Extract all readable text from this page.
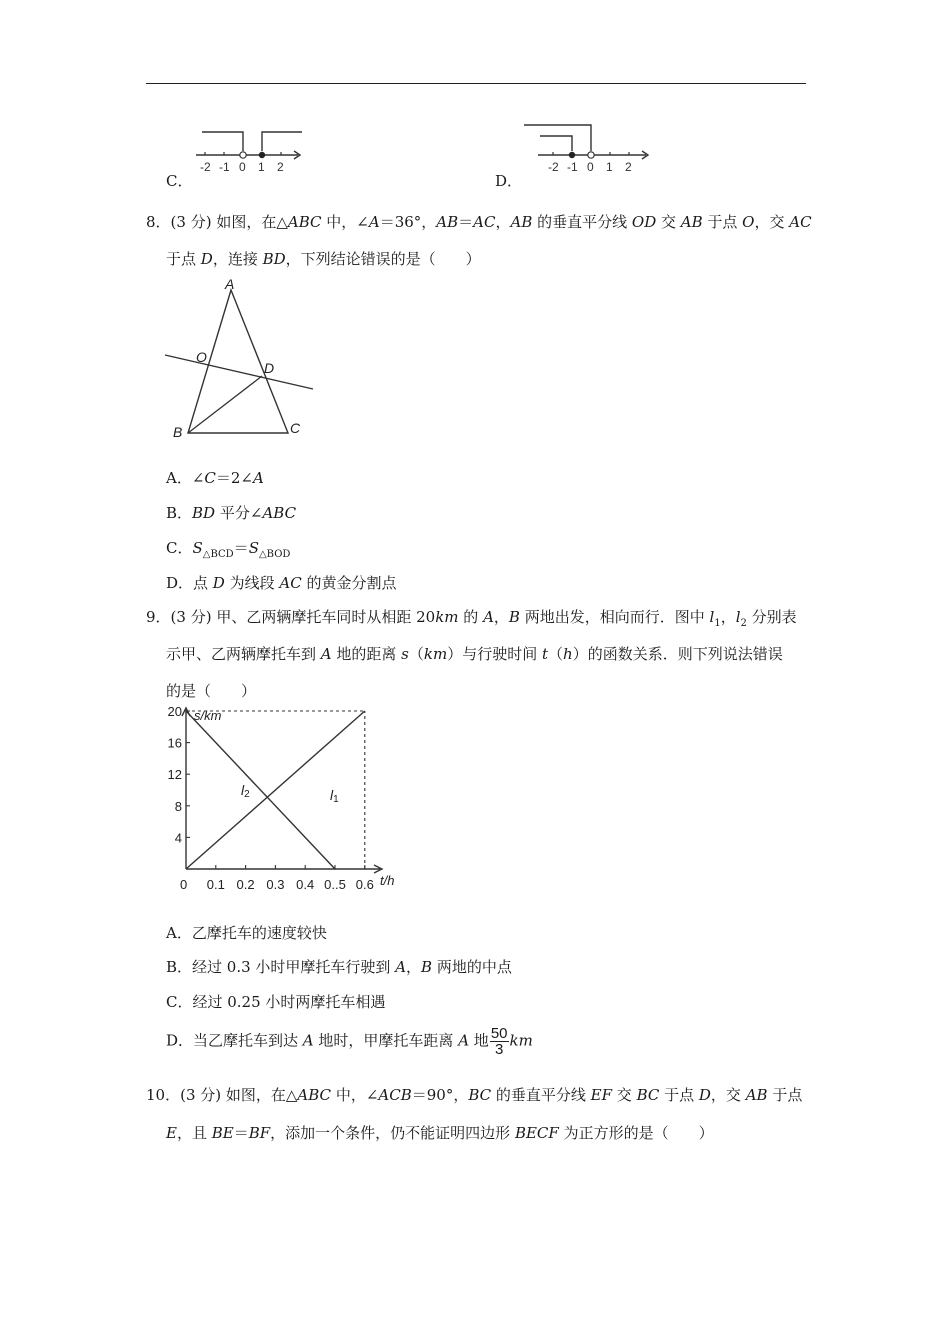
C．
-2 -1 0 1 2
D．
-2 -1 0 1 2
8．(3 分) 如图，在△ABC 中，∠A＝36°，AB＝AC，AB 的垂直平分线 OD 交 AB 于点 O，交 AC
于点 D，连接 BD，下列结论错误的是（　　）
A
O
D
B	C
A．∠C＝2∠A
B．BD 平分∠ABC
C．$S_{\triangle BCD}=S_{\triangle BOD}$
D．点 D 为线段 AC 的黄金分割点
9．(3 分) 甲、乙两辆摩托车同时从相距 20km 的 A，B 两地出发，相向而行．图中 $l_1$，$l_2$ 分别表
示甲、乙两辆摩托车到 A 地的距离 s（km）与行驶时间 t（h）的函数关系．则下列说法错误
的是（　　）
s/km
t/h
0
4
8
12
16
20
0.1 0.2 0.3 0.4 0..5 0.6
l2	l1
A．乙摩托车的速度较快
B．经过 0.3 小时甲摩托车行驶到 A，B 两地的中点
C．经过 0.25 小时两摩托车相遇
D．当乙摩托车到达 A 地时，甲摩托车距离 A 地 $\frac{50}{3}$ km
10．(3 分) 如图，在△ABC 中，∠ACB＝90°，BC 的垂直平分线 EF 交 BC 于点 D，交 AB 于点
E，且 BE＝BF，添加一个条件，仍不能证明四边形 BECF 为正方形的是（　　）
